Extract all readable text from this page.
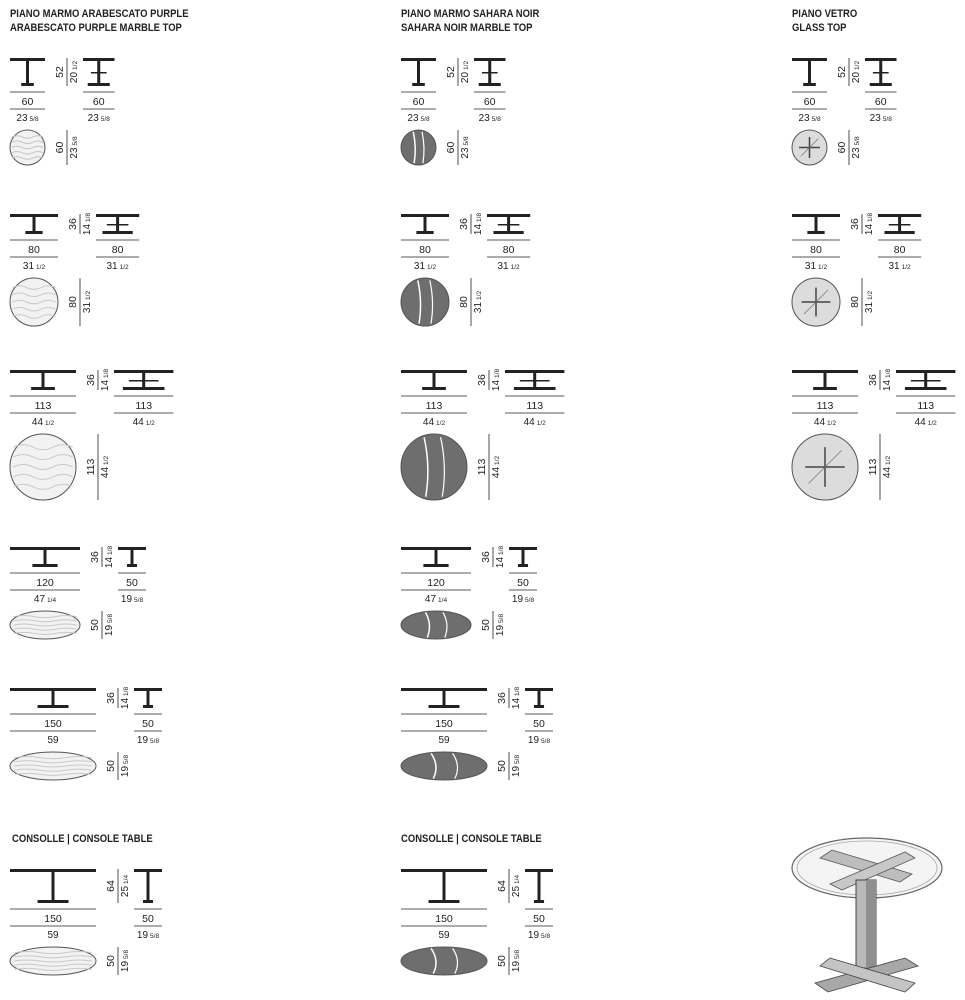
PIANO MARMO ARABESCATO PURPLE
ARABESCATO PURPLE MARBLE TOP
PIANO MARMO SAHARA NOIR
SAHARA NOIR MARBLE TOP
PIANO VETRO
GLASS TOP
CONSOLLE | CONSOLE TABLE	CONSOLLE | CONSOLE TABLE
60
23 5/8
52 201/2
60
23 5/8
60 235/8
60
23 5/8
52 201/2
60
23 5/8
60 235/8
60
23 5/8
52 201/2
60
23 5/8
60 235/8
80
31 1/2
36 141/8
80
31 1/2
80 311/2
80
31 1/2
36 141/8
80
31 1/2
80 311/2
80
31 1/2
36 141/8
80
31 1/2
80 311/2
113
44 1/2
36 141/8
113
44 1/2
113 441/2
113
44 1/2
36 141/8
113
44 1/2
113 441/2
113
44 1/2
36 141/8
113
44 1/2
113 441/2
120
47 1/4
36 141/8
50
19 5/8
50 195/8
120
47 1/4
36 141/8
50
19 5/8
50 195/8
150
59
36 141/8
50
19 5/8
50 195/8
150
59
36 141/8
50
19 5/8
50 195/8
150
59
64 251/4
50
19 5/8
50 195/8
150
59
64 251/4
50
19 5/8
50 195/8
